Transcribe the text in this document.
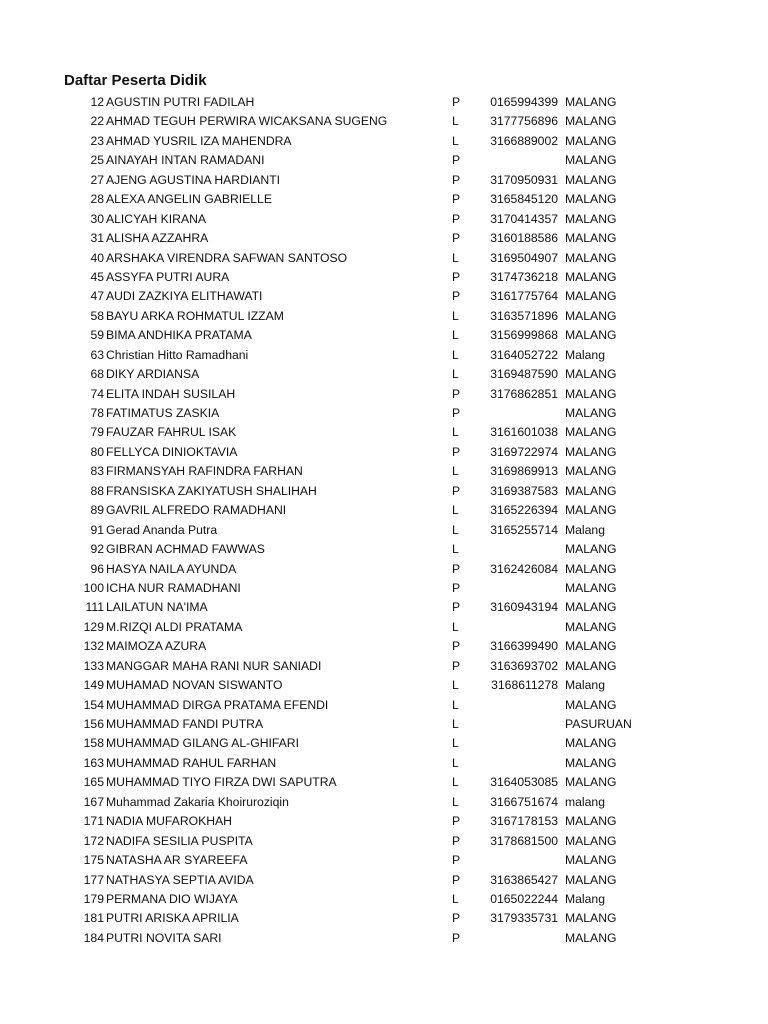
Daftar Peserta Didik
12 AGUSTIN PUTRI FADILAH	P 0165994399 MALANG
22 AHMAD TEGUH PERWIRA WICAKSANA SUGENG	L	3177756896 MALANG
23 AHMAD YUSRIL IZA MAHENDRA	L	3166889002 MALANG
25 AINAYAH INTAN RAMADANI	P	MALANG
27 AJENG AGUSTINA HARDIANTI	P 3170950931 MALANG
28 ALEXA ANGELIN GABRIELLE	P 3165845120 MALANG
30 ALICYAH KIRANA	P 3170414357 MALANG
31 ALISHA AZZAHRA	P 3160188586 MALANG
40 ARSHAKA VIRENDRA SAFWAN SANTOSO	L	3169504907 MALANG
45 ASSYFA PUTRI AURA	P 3174736218 MALANG
47 AUDI ZAZKIYA ELITHAWATI	P 3161775764 MALANG
58 BAYU ARKA ROHMATUL IZZAM	L	3163571896 MALANG
59 BIMA ANDHIKA PRATAMA	L	3156999868 MALANG
63 Christian Hitto Ramadhani	L	3164052722 Malang
68 DIKY ARDIANSA	L	3169487590 MALANG
74 ELITA INDAH SUSILAH	P 3176862851 MALANG
78 FATIMATUS ZASKIA	P	MALANG
79 FAUZAR FAHRUL ISAK	L	3161601038 MALANG
80 FELLYCA DINIOKTAVIA	P 3169722974 MALANG
83 FIRMANSYAH RAFINDRA FARHAN	L	3169869913 MALANG
88 FRANSISKA ZAKIYATUSH SHALIHAH	P 3169387583 MALANG
89 GAVRIL ALFREDO RAMADHANI	L	3165226394 MALANG
91 Gerad Ananda Putra	L	3165255714 Malang
92 GIBRAN ACHMAD FAWWAS	L	MALANG
96 HASYA NAILA AYUNDA	P 3162426084 MALANG
100 ICHA NUR RAMADHANI	P	MALANG
111 LAILATUN NA'IMA	P 3160943194 MALANG
129 M.RIZQI ALDI PRATAMA	L	MALANG
132 MAIMOZA AZURA	P 3166399490 MALANG
133 MANGGAR MAHA RANI NUR SANIADI	P 3163693702 MALANG
149 MUHAMAD NOVAN SISWANTO	L	3168611278 Malang
154 MUHAMMAD DIRGA PRATAMA EFENDI	L	MALANG
156 MUHAMMAD FANDI PUTRA	L	PASURUAN
158 MUHAMMAD GILANG AL-GHIFARI	L	MALANG
163 MUHAMMAD RAHUL FARHAN	L	MALANG
165 MUHAMMAD TIYO FIRZA DWI SAPUTRA	L	3164053085 MALANG
167 Muhammad Zakaria Khoiruroziqin	L	3166751674 malang
171 NADIA MUFAROKHAH	P 3167178153 MALANG
172 NADIFA SESILIA PUSPITA	P 3178681500 MALANG
175 NATASHA AR SYAREEFA	P	MALANG
177 NATHASYA SEPTIA AVIDA	P 3163865427 MALANG
179 PERMANA DIO WIJAYA	L	0165022244 Malang
181 PUTRI ARISKA APRILIA	P 3179335731 MALANG
184 PUTRI NOVITA SARI	P	MALANG
